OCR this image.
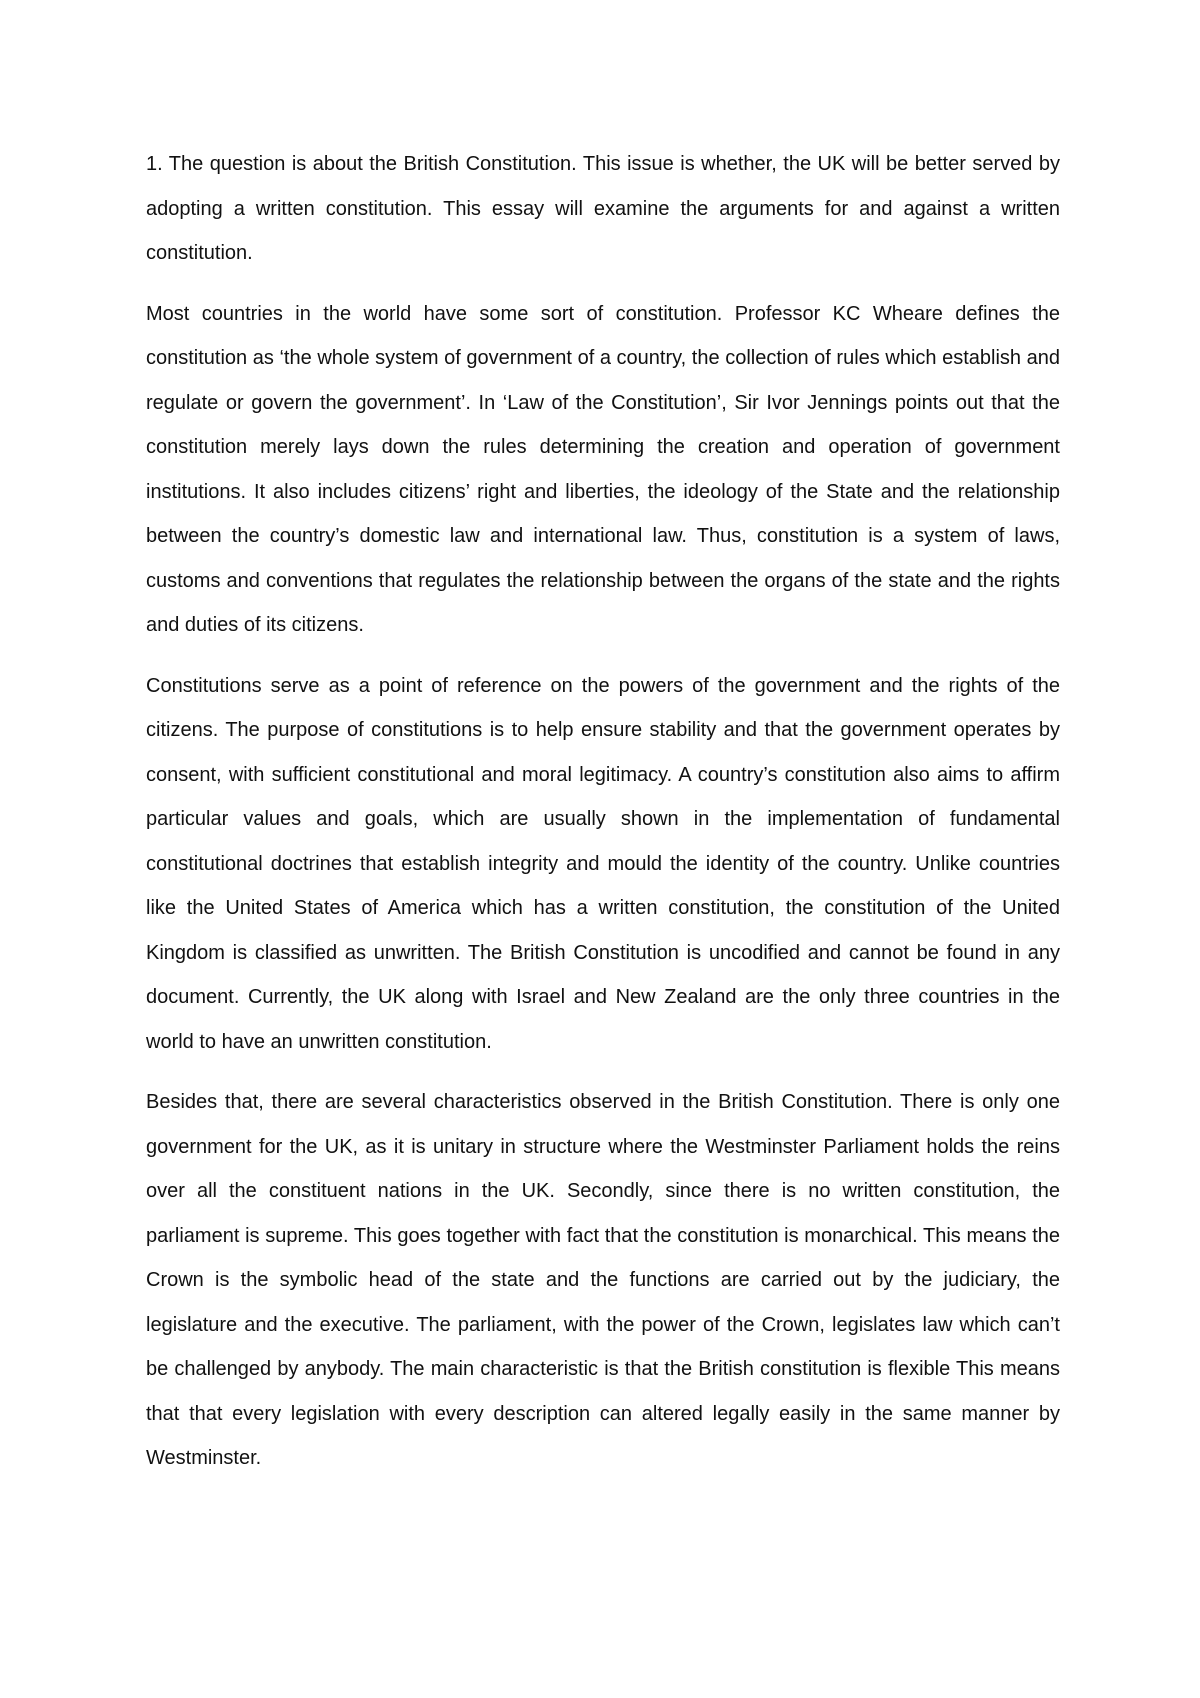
1. The question is about the British Constitution. This issue is whether, the UK will be better served by adopting a written constitution. This essay will examine the arguments for and against a written constitution.

Most countries in the world have some sort of constitution. Professor KC Wheare defines the constitution as ‘the whole system of government of a country, the collection of rules which establish and regulate or govern the government’. In ‘Law of the Constitution’, Sir Ivor Jennings points out that the constitution merely lays down the rules determining the creation and operation of government institutions. It also includes citizens’ right and liberties, the ideology of the State and the relationship between the country’s domestic law and international law. Thus, constitution is a system of laws, customs and conventions that regulates the relationship between the organs of the state and the rights and duties of its citizens.

Constitutions serve as a point of reference on the powers of the government and the rights of the citizens. The purpose of constitutions is to help ensure stability and that the government operates by consent, with sufficient constitutional and moral legitimacy. A country’s constitution also aims to affirm particular values and goals, which are usually shown in the implementation of fundamental constitutional doctrines that establish integrity and mould the identity of the country. Unlike countries like the United States of America which has a written constitution, the constitution of the United Kingdom is classified as unwritten. The British Constitution is uncodified and cannot be found in any document. Currently, the UK along with Israel and New Zealand are the only three countries in the world to have an unwritten constitution.

Besides that, there are several characteristics observed in the British Constitution. There is only one government for the UK, as it is unitary in structure where the Westminster Parliament holds the reins over all the constituent nations in the UK. Secondly, since there is no written constitution, the parliament is supreme. This goes together with fact that the constitution is monarchical. This means the Crown is the symbolic head of the state and the functions are carried out by the judiciary, the legislature and the executive. The parliament, with the power of the Crown, legislates law which can’t be challenged by anybody. The main characteristic is that the British constitution is flexible This means that that every legislation with every description can altered legally easily in the same manner by Westminster.
